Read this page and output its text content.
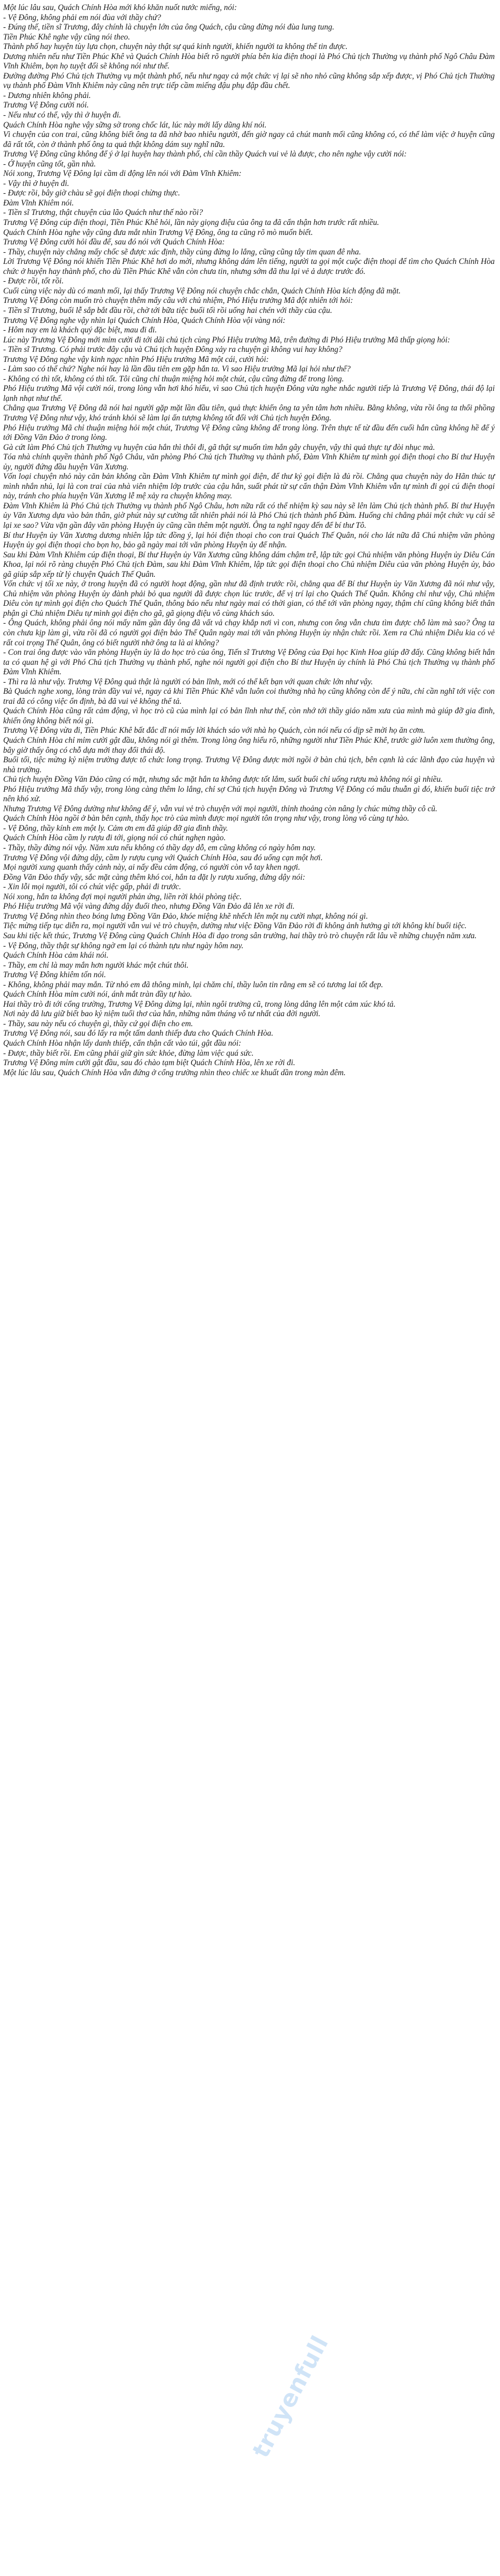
Một lúc lâu sau, Quách Chính Hòa mới khó khăn nuốt nước miếng, nói:

- Vệ Đông, không phải em nói đùa với thầy chứ?

- Đúng thế, tiền sĩ Trương, đây chính là chuyện lớn của ông Quách, cậu cũng đừng nói đùa lung tung.

Tiền Phúc Khê nghe vậy cũng nói theo.

Thành phố hay huyện tùy lựa chọn, chuyện này thật sự quá kinh người, khiến người ta không thể tin được.

Dương nhiên nếu như Tiền Phúc Khê và Quách Chính Hòa biết rõ người phía bên kia điện thoại là Phó Chủ tịch Thường vụ thành phố Ngô Châu Đàm Vĩnh Khiêm, bọn họ tuyệt đối sẽ không nói như thế.

Đường đường Phó Chủ tịch Thường vụ một thành phố, nếu như ngay cả một chức vị lại sẽ nho nhỏ cũng không sắp xếp được, vị Phó Chủ tịch Thường vụ thành phố Đàm Vĩnh Khiêm này cũng nên trực tiếp cầm miếng đậu phụ đập đầu chết.

- Dương nhiên không phải.

Trương Vệ Đông cười nói.

- Nếu như có thể, vậy thì ở huyện đi.

Quách Chính Hòa nghe vậy sững sờ trong chốc lát, lúc này mới lấy dũng khí nói.

Vì chuyện của con trai, cũng không biết ông ta đã nhờ bao nhiêu người, đến giờ ngay cả chút manh mối cũng không có, có thể làm việc ở huyện cũng đã rất tốt, còn ở thành phố ông ta quả thật không dám suy nghĩ nữa.

Trương Vệ Đông cũng không để ý ở lại huyện hay thành phố, chỉ cần thầy Quách vui vẻ là được, cho nên nghe vậy cười nói:

- Ở huyện cũng tốt, gần nhà.

Nói xong, Trương Vệ Đông lại cầm di động lên nói với Đàm Vĩnh Khiêm:

- Vậy thì ở huyện đi.

- Được rồi, bây giờ chàu sẽ gọi điện thoại chừng thực.

Đàm Vĩnh Khiêm nói.

- Tiền sĩ Trương, thật chuyện của lão Quách như thế nào rồi?

Trương Vệ Đông cúp điện thoại, Tiền Phúc Khê hỏi, lần này giọng điệu của ông ta đã cẩn thận hơn trước rất nhiều.

Quách Chính Hòa nghe vậy cũng đưa mắt nhìn Trương Vệ Đông, ông ta cũng rõ mò muốn biết.

Trương Vệ Đông cười hỏi đầu để, sau đó nói với Quách Chính Hòa:

- Thầy, chuyện này chẳng mấy chốc sẽ được xác định, thầy cùng đừng lo lắng, cũng cũng tây tim quan đê nha.

Lời Trương Vệ Đông nói khiến Tiền Phúc Khê hơi do mời, nhưng không dám lên tiếng, người ta gọi một cuộc điện thoại để tìm cho Quách Chính Hòa chức ở huyện hay thành phố, cho dù Tiền Phúc Khê vẫn còn chưa tin, nhưng sớm đã thu lại vẻ ả dược trước đó.

- Được rồi, tốt rồi.

Cuối cùng việc này dù có manh mối, lại thấy Trương Vệ Đông nói chuyện chắc chắn, Quách Chính Hòa kích động đã mặt.

Trương Vệ Đông còn muốn trò chuyện thêm mấy câu với chủ nhiệm, Phó Hiệu trưởng Mã đột nhiên tới hỏi:

- Tiền sĩ Trương, buổi lễ sắp bắt đầu rồi, chờ tới bữa tiệc buổi tối rồi uống hai chén với thầy của cậu.

Trương Vệ Đông nghe vậy nhìn lại Quách Chính Hòa, Quách Chính Hòa vội vàng nói:

- Hôm nay em là khách quý đặc biệt, mau đi đi.

Lúc này Trương Vệ Đông mới mỉm cười đi tới dãi chủ tịch cùng Phó Hiệu trưởng Mã, trên đường đi Phó Hiệu trưởng Mã thấp giọng hỏi:

- Tiền sĩ Trương. Có phải trước đây cậu và Chú tịch huyện Đông xảy ra chuyện gì không vui hay không?

Trương Vệ Đông nghe vậy kinh ngạc nhìn Phó Hiệu trưởng Mã một cái, cười hỏi:

- Làm sao có thể chứ? Nghe nói hay là lần đầu tiên em gặp hắn ta. Vì sao Hiệu trưởng Mã lại hỏi như thế?

- Không có thì tốt, không có thì tốt. Tôi cũng chỉ thuận miệng hỏi một chút, cậu cũng đừng để trong lòng.

Phó Hiệu trưởng Mã vội cười nói, trong lòng vẫn hơi khó hiểu, vì sao Chủ tịch huyện Đông vừa nghe nhắc người tiếp là Trương Vệ Đông, thái độ lại lạnh nhạt như thế.

Chẳng qua Trương Vệ Đông đã nói hai người gặp mặt lần đầu tiên, quả thực khiến ông ta yên tâm hơn nhiều. Bằng không, vừa rồi ông ta thổi phồng Trương Vệ Đông như vậy, khó tránh khỏi sẽ làm lại ấn tượng không tốt đối với Chủ tịch huyện Đông.

Phó Hiệu trưởng Mã chỉ thuận miệng hỏi một chút, Trương Vệ Đông cũng không để trong lòng. Trên thực tế từ đầu đến cuối hắn cũng không hề để ý tới Đồng Văn Đảo ở trong lòng.

Gà cứt làm Phó Chủ tịch Thường vụ huyện của hắn thì thôi đi, gã thật sự muốn tìm hắn gây chuyện, vậy thì quả thực tự đòi nhục mà.

Tóa nhà chính quyền thành phố Ngô Châu, văn phòng Phó Chủ tịch Thường vụ thành phố, Đàm Vĩnh Khiêm tự mình gọi điện thoại cho Bí thư Huyện ủy, người đứng đầu huyện Văn Xương.

Vốn loại chuyện nhỏ này căn bản không cần Đàm Vĩnh Khiêm tự mình gọi điện, để thư ký gọi điện là đủ rồi. Chẳng qua chuyện này do Hãn thúc tự mình nhắn nhủ, lại là con trai của nhà viên nhiệm lớp trước của cậu hắn, suất phát từ sự cẩn thận Đàm Vĩnh Khiêm vẫn tự mình đi gọi cú điện thoại này, tránh cho phía huyện Văn Xương lễ mệ xảy ra chuyện không may.

Đàm Vĩnh Khiêm là Phó Chủ tịch Thường vụ thành phố Ngô Châu, hơn nữa rất có thể nhiệm kỳ sau này sẽ lên làm Chủ tịch thành phố. Bí thư Huyện ủy Văn Xương dựa vào bản thân, giờ phút này sự cường tất nhiên phải nói là Phó Chủ tịch thành phố Đàm. Huống chi chẳng phải một chức vụ cải sẽ lại xe sao? Vừa vặn gần đây văn phòng Huyện ủy cũng cần thêm một người. Ông ta nghĩ ngay đến để bí thư Tô.

Bí thư Huyện ủy Văn Xương dương nhiên lập tức đồng ý, lại hỏi điện thoại cho con trai Quách Thế Quân, nói cho lát nữa đã Chú nhiệm văn phòng Huyện ủy gọi điện thoại cho bọn họ, bảo gã ngày mai tới văn phòng Huyện ủy để nhận.

Sau khi Đàm Vĩnh Khiêm cúp điện thoại, Bí thư Huyện ủy Văn Xương cũng không dám chậm trễ, lập tức gọi Chủ nhiệm văn phòng Huyện ủy Diêu Cán Khoa, lại nói rõ ràng chuyện Phó Chủ tịch Đàm, sau khi Đàm Vĩnh Khiêm, lập tức gọi điện thoại cho Chủ nhiệm Diêu của văn phòng Huyện ủy, bảo gã giúp sắp xếp từ lý chuyện Quách Thế Quân.

Vốn chức vị tối xe này, ở trong huyện đã có người hoạt động, gần như đã định trước rồi, chẳng qua để Bí thư Huyện ủy Văn Xương đã nói như vậy, Chủ nhiệm văn phòng Huyện ủy đành phải bỏ qua người đã được chọn lúc trước, để vị trí lại cho Quách Thế Quân. Không chỉ như vậy, Chủ nhiệm Diêu còn tự mình gọi điện cho Quách Thế Quân, thông báo nếu như ngày mai có thời gian, có thể tới văn phòng ngay, thậm chí cũng không biết thân phận gì Chủ nhiệm Diêu tự mình gọi điện cho gã, gã giọng điệu vô cùng khách sáo.

- Ông Quách, không phải ông nói mấy năm gần đây ông đã vất vả chạy khắp nơi vì con, nhưng con ông vẫn chưa tìm được chỗ làm mà sao? Ông ta còn chưa kịp làm gì, vừa rồi đã có người gọi điện bảo Thế Quân ngày mai tới văn phòng Huyện ủy nhận chức rồi. Xem ra Chủ nhiệm Diêu kia có vẻ rất coi trọng Thế Quân, ông có biết người nhờ ông ta là ai không?

- Con trai ông được vào văn phòng Huyện ủy là do học trò của ông, Tiến sĩ Trương Vệ Đông của Đại học Kinh Hoa giúp đỡ đấy. Cũng không biết hắn ta có quan hệ gì với Phó Chủ tịch Thường vụ thành phố, nghe nói người gọi điện cho Bí thư Huyện ủy chính là Phó Chủ tịch Thường vụ thành phố Đàm Vĩnh Khiêm.

- Thì ra là như vậy. Trương Vệ Đông quả thật là người có bản lĩnh, mới có thể kết bạn với quan chức lớn như vậy.

Bà Quách nghe xong, lòng tràn đầy vui vẻ, ngay cả khi Tiền Phúc Khê vẫn luôn coi thường nhà họ cũng không còn để ý nữa, chỉ cần nghĩ tới việc con trai đã có công việc ổn định, bà đã vui vẻ không thể tả.

Quách Chính Hòa cũng rất cảm động, vì học trò cũ của mình lại có bản lĩnh như thế, còn nhớ tới thầy giáo năm xưa của mình mà giúp đỡ gia đình, khiến ông không biết nói gì.

Trương Vệ Đông vừa đi, Tiền Phúc Khê bất đắc dĩ nói mấy lời khách sáo với nhà họ Quách, còn nói nếu có dịp sẽ mời họ ăn cơm.

Quách Chính Hòa chỉ mỉm cười gật đầu, không nói gì thêm. Trong lòng ông hiểu rõ, những người như Tiền Phúc Khê, trước giờ luôn xem thường ông, bây giờ thấy ông có chỗ dựa mới thay đổi thái độ.

Buổi tối, tiệc mừng kỷ niệm trường được tổ chức long trọng. Trương Vệ Đông được mời ngồi ở bàn chủ tịch, bên cạnh là các lãnh đạo của huyện và nhà trường.

Chủ tịch huyện Đồng Văn Đảo cũng có mặt, nhưng sắc mặt hắn ta không được tốt lắm, suốt buổi chỉ uống rượu mà không nói gì nhiều.

Phó Hiệu trưởng Mã thấy vậy, trong lòng càng thêm lo lắng, chỉ sợ Chủ tịch huyện Đông và Trương Vệ Đông có mâu thuẫn gì đó, khiến buổi tiệc trở nên khó xử.

Nhưng Trương Vệ Đông dường như không để ý, vẫn vui vẻ trò chuyện với mọi người, thỉnh thoảng còn nâng ly chúc mừng thầy cô cũ.

Quách Chính Hòa ngồi ở bàn bên cạnh, thấy học trò của mình được mọi người tôn trọng như vậy, trong lòng vô cùng tự hào.

- Vệ Đông, thầy kính em một ly. Cảm ơn em đã giúp đỡ gia đình thầy.

Quách Chính Hòa cầm ly rượu đi tới, giọng nói có chút nghẹn ngào.

- Thầy, thầy đừng nói vậy. Năm xưa nếu không có thầy dạy dỗ, em cũng không có ngày hôm nay.

Trương Vệ Đông vội đứng dậy, cầm ly rượu cụng với Quách Chính Hòa, sau đó uống cạn một hơi.

Mọi người xung quanh thấy cảnh này, ai nấy đều cảm động, có người còn vỗ tay khen ngợi.

Đồng Văn Đảo thấy vậy, sắc mặt càng thêm khó coi, hắn ta đặt ly rượu xuống, đứng dậy nói:

- Xin lỗi mọi người, tôi có chút việc gấp, phải đi trước.

Nói xong, hắn ta không đợi mọi người phản ứng, liền rời khỏi phòng tiệc.

Phó Hiệu trưởng Mã vội vàng đứng dậy đuổi theo, nhưng Đồng Văn Đảo đã lên xe rời đi.

Trương Vệ Đông nhìn theo bóng lưng Đồng Văn Đảo, khóe miệng khẽ nhếch lên một nụ cười nhạt, không nói gì.

Tiệc mừng tiếp tục diễn ra, mọi người vẫn vui vẻ trò chuyện, dường như việc Đồng Văn Đảo rời đi không ảnh hưởng gì tới không khí buổi tiệc.

Sau khi tiệc kết thúc, Trương Vệ Đông cùng Quách Chính Hòa đi dạo trong sân trường, hai thầy trò trò chuyện rất lâu về những chuyện năm xưa.

- Vệ Đông, thầy thật sự không ngờ em lại có thành tựu như ngày hôm nay.

Quách Chính Hòa cảm khái nói.

- Thầy, em chỉ là may mắn hơn người khác một chút thôi.

Trương Vệ Đông khiêm tốn nói.

- Không, không phải may mắn. Từ nhỏ em đã thông minh, lại chăm chỉ, thầy luôn tin rằng em sẽ có tương lai tốt đẹp.

Quách Chính Hòa mỉm cười nói, ánh mắt tràn đầy tự hào.

Hai thầy trò đi tới cổng trường, Trương Vệ Đông dừng lại, nhìn ngôi trường cũ, trong lòng dâng lên một cảm xúc khó tả.

Nơi này đã lưu giữ biết bao kỷ niệm tuổi thơ của hắn, những năm tháng vô tư nhất của đời người.

- Thầy, sau này nếu có chuyện gì, thầy cứ gọi điện cho em.

Trương Vệ Đông nói, sau đó lấy ra một tấm danh thiếp đưa cho Quách Chính Hòa.

Quách Chính Hòa nhận lấy danh thiếp, cẩn thận cất vào túi, gật đầu nói:

- Được, thầy biết rồi. Em cũng phải giữ gìn sức khỏe, đừng làm việc quá sức.

Trương Vệ Đông mỉm cười gật đầu, sau đó chào tạm biệt Quách Chính Hòa, lên xe rời đi.

Một lúc lâu sau, Quách Chính Hòa vẫn đứng ở cổng trường nhìn theo chiếc xe khuất dần trong màn đêm.

truyenfull
